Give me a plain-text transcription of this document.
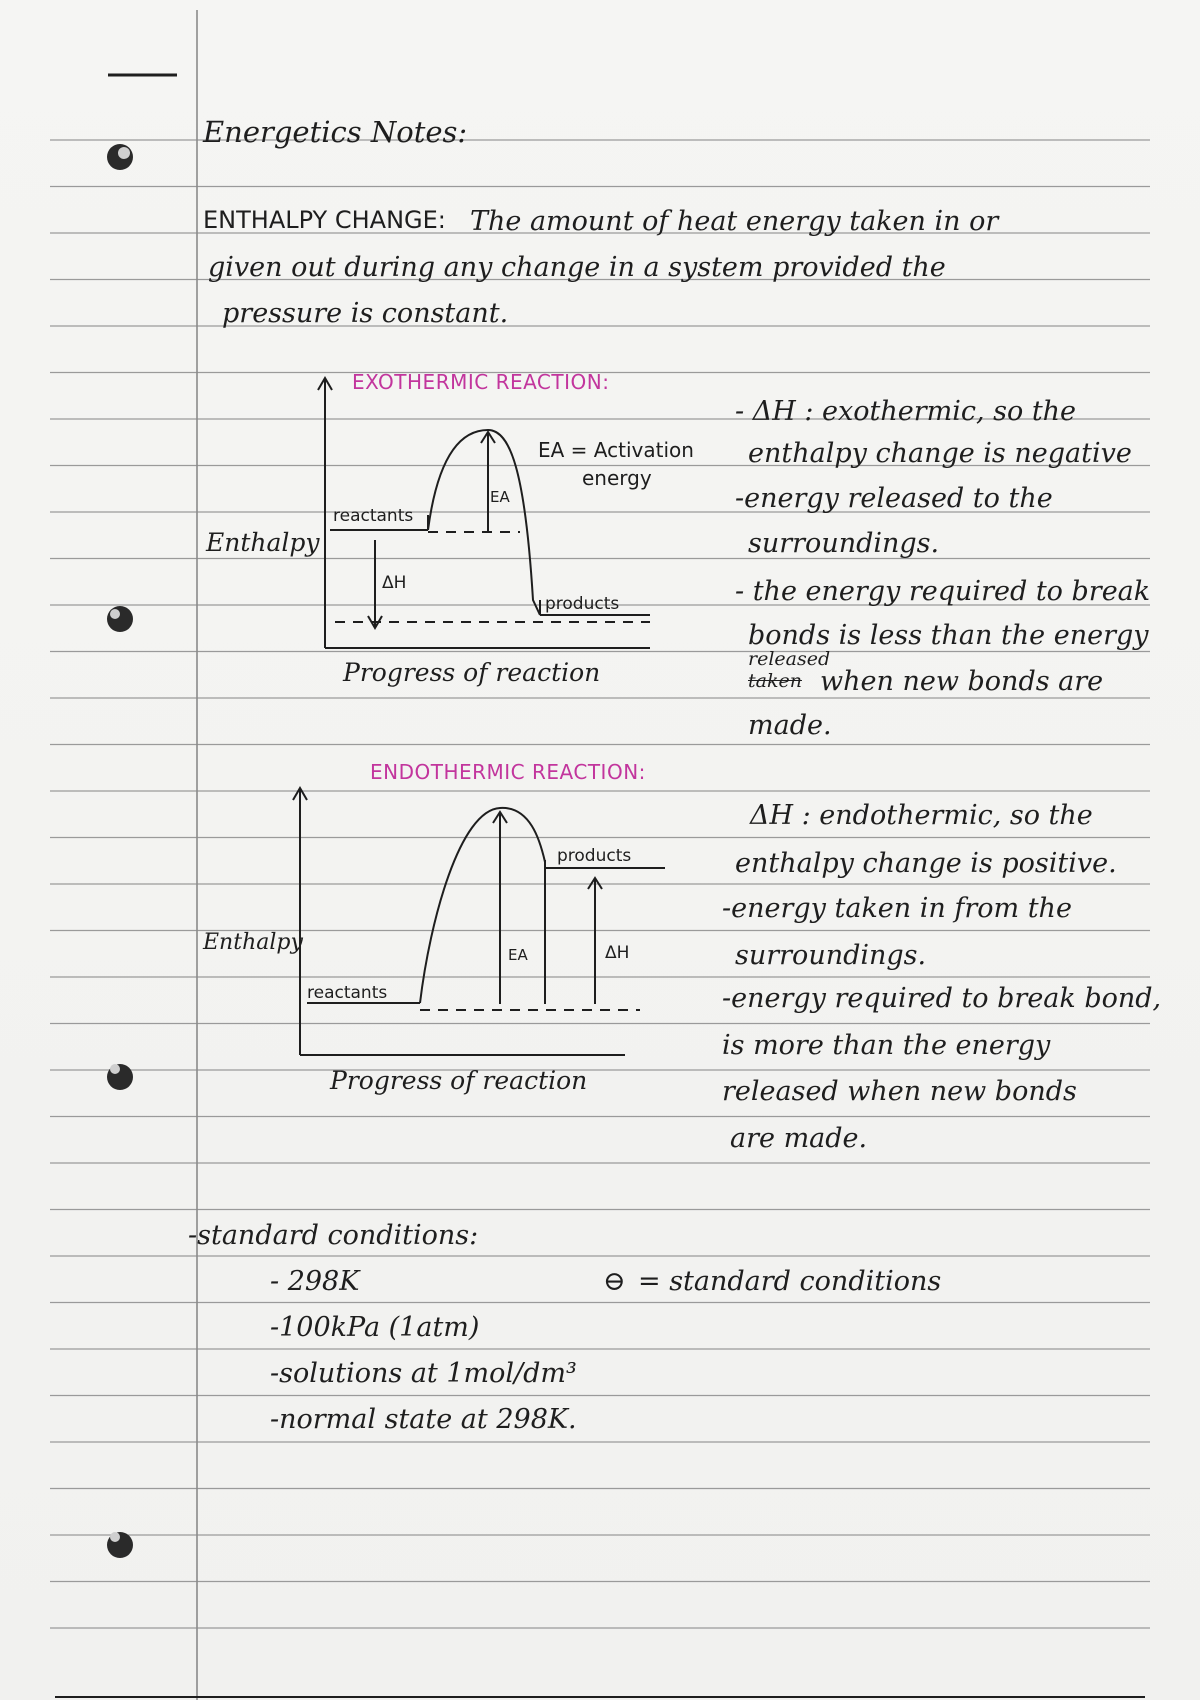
Energetics Notes:
ENTHALPY CHANGE: The amount of heat energy taken in or
given out during any change in a system provided the
pressure is constant.
EXOTHERMIC REACTION:
reactants
EA
ΔH
products
EA = Activation
energy
Enthalpy
Progress of reaction
- ΔH : exothermic, so the
enthalpy change is negative
-energy released to the
surroundings.
- the energy required to break
bonds is less than the energy
released
taken when new bonds are
made.
ENDOTHERMIC REACTION:
reactants
products
EA	ΔH
Enthalpy
Progress of reaction
ΔH : endothermic, so the
enthalpy change is positive.
-energy taken in from the
surroundings.
-energy required to break bond,
is more than the energy
released when new bonds
are made.
-standard conditions:
- 298K
-100kPa (1atm)
-solutions at 1mol/dm³
-normal state at 298K.
⊖ = standard conditions
